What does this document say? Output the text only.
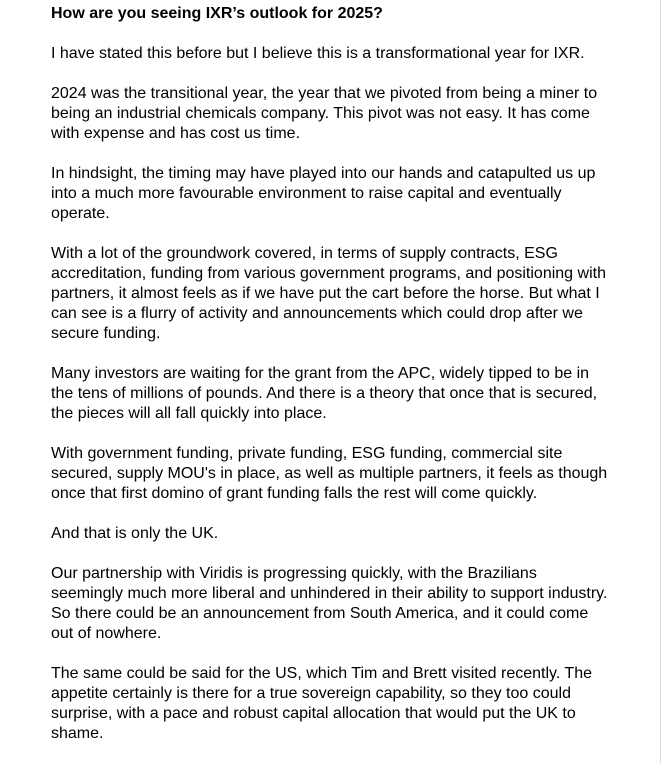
How are you seeing IXR’s outlook for 2025?

I have stated this before but I believe this is a transformational year for IXR.

2024 was the transitional year, the year that we pivoted from being a miner to being an industrial chemicals company. This pivot was not easy. It has come with expense and has cost us time.

In hindsight, the timing may have played into our hands and catapulted us up into a much more favourable environment to raise capital and eventually operate.

With a lot of the groundwork covered, in terms of supply contracts, ESG accreditation, funding from various government programs, and positioning with partners, it almost feels as if we have put the cart before the horse. But what I can see is a flurry of activity and announcements which could drop after we secure funding.

Many investors are waiting for the grant from the APC, widely tipped to be in the tens of millions of pounds. And there is a theory that once that is secured, the pieces will all fall quickly into place.

With government funding, private funding, ESG funding, commercial site secured, supply MOU's in place, as well as multiple partners, it feels as though once that first domino of grant funding falls the rest will come quickly.

And that is only the UK.

Our partnership with Viridis is progressing quickly, with the Brazilians seemingly much more liberal and unhindered in their ability to support industry. So there could be an announcement from South America, and it could come out of nowhere.

The same could be said for the US, which Tim and Brett visited recently. The appetite certainly is there for a true sovereign capability, so they too could surprise, with a pace and robust capital allocation that would put the UK to shame.
